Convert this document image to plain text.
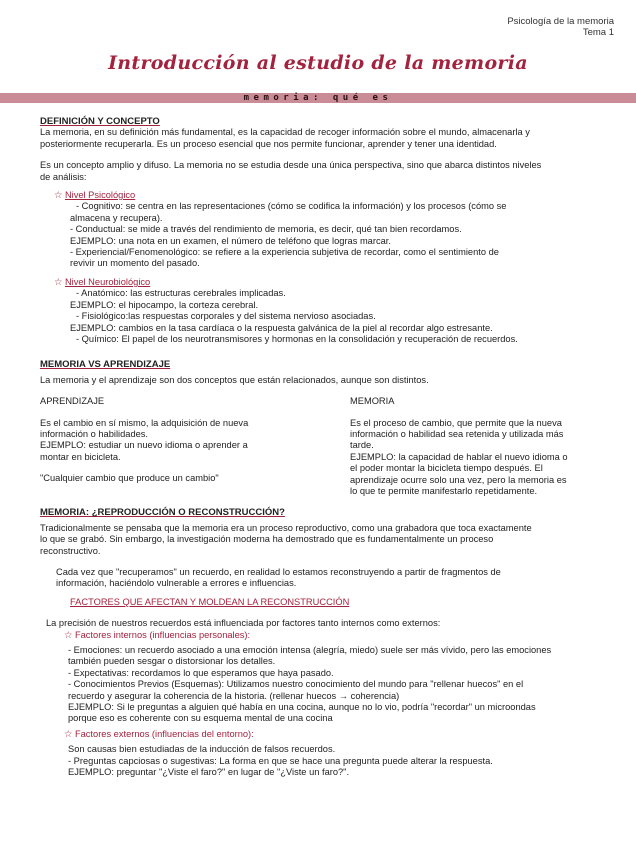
Psicología de la memoria
Tema 1
Introducción al estudio de la memoria
memoria: qué es

DEFINICIÓN Y CONCEPTO

La memoria, en su definición más fundamental, es la capacidad de recoger información sobre el mundo, almacenarla y

posteriormente recuperarla. Es un proceso esencial que nos permite funcionar, aprender y tener una identidad.

Es un concepto amplio y difuso. La memoria no se estudia desde una única perspectiva, sino que abarca distintos niveles

de análisis:

☆ Nivel Psicológico

- Cognitivo: se centra en las representaciones (cómo se codifica la información) y los procesos (cómo se

almacena y recupera).

- Conductual: se mide a través del rendimiento de memoria, es decir, qué tan bien recordamos.

EJEMPLO: una nota en un examen, el número de teléfono que logras marcar.

- Experiencial/Fenomenológico: se refiere a la experiencia subjetiva de recordar, como el sentimiento de

revivir un momento del pasado.

☆ Nivel Neurobiológico

- Anatómico: las estructuras cerebrales implicadas.

EJEMPLO: el hipocampo, la corteza cerebral.

- Fisiológico:las respuestas corporales y del sistema nervioso asociadas.

EJEMPLO: cambios en la tasa cardíaca o la respuesta galvánica de la piel al recordar algo estresante.

- Químico: El papel de los neurotransmisores y hormonas en la consolidación y recuperación de recuerdos.

MEMORIA VS APRENDIZAJE

La memoria y el aprendizaje son dos conceptos que están relacionados, aunque son distintos.

APRENDIZAJE

Es el cambio en sí mismo, la adquisición de nueva

información o habilidades.

EJEMPLO: estudiar un nuevo idioma o aprender a

montar en bicicleta.

"Cualquier cambio que produce un cambio"

MEMORIA

Es el proceso de cambio, que permite que la nueva

información o habilidad sea retenida y utilizada más

tarde.

EJEMPLO: la capacidad de hablar el nuevo idioma o

el poder montar la bicicleta tiempo después. El

aprendizaje ocurre solo una vez, pero la memoria es

lo que te permite manifestarlo repetidamente.

MEMORIA: ¿REPRODUCCIÓN O RECONSTRUCCIÓN?

Tradicionalmente se pensaba que la memoria era un proceso reproductivo, como una grabadora que toca exactamente

lo que se grabó. Sin embargo, la investigación moderna ha demostrado que es fundamentalmente un proceso

reconstructivo.

Cada vez que "recuperamos" un recuerdo, en realidad lo estamos reconstruyendo a partir de fragmentos de

información, haciéndolo vulnerable a errores e influencias.

FACTORES QUE AFECTAN Y MOLDEAN LA RECONSTRUCCIÓN

La precisión de nuestros recuerdos está influenciada por factores tanto internos como externos:

☆ Factores internos (influencias personales):

- Emociones: un recuerdo asociado a una emoción intensa (alegría, miedo) suele ser más vívido, pero las emociones

también pueden sesgar o distorsionar los detalles.

- Expectativas: recordamos lo que esperamos que haya pasado.

- Conocimientos Previos (Esquemas): Utilizamos nuestro conocimiento del mundo para "rellenar huecos" en el

recuerdo y asegurar la coherencia de la historia. (rellenar huecos → coherencia)

EJEMPLO: Si le preguntas a alguien qué había en una cocina, aunque no lo vio, podría "recordar" un microondas

porque eso es coherente con su esquema mental de una cocina

☆ Factores externos (influencias del entorno):

Son causas bien estudiadas de la inducción de falsos recuerdos.

- Preguntas capciosas o sugestivas: La forma en que se hace una pregunta puede alterar la respuesta.

EJEMPLO: preguntar "¿Viste el faro?" en lugar de "¿Viste un faro?".
